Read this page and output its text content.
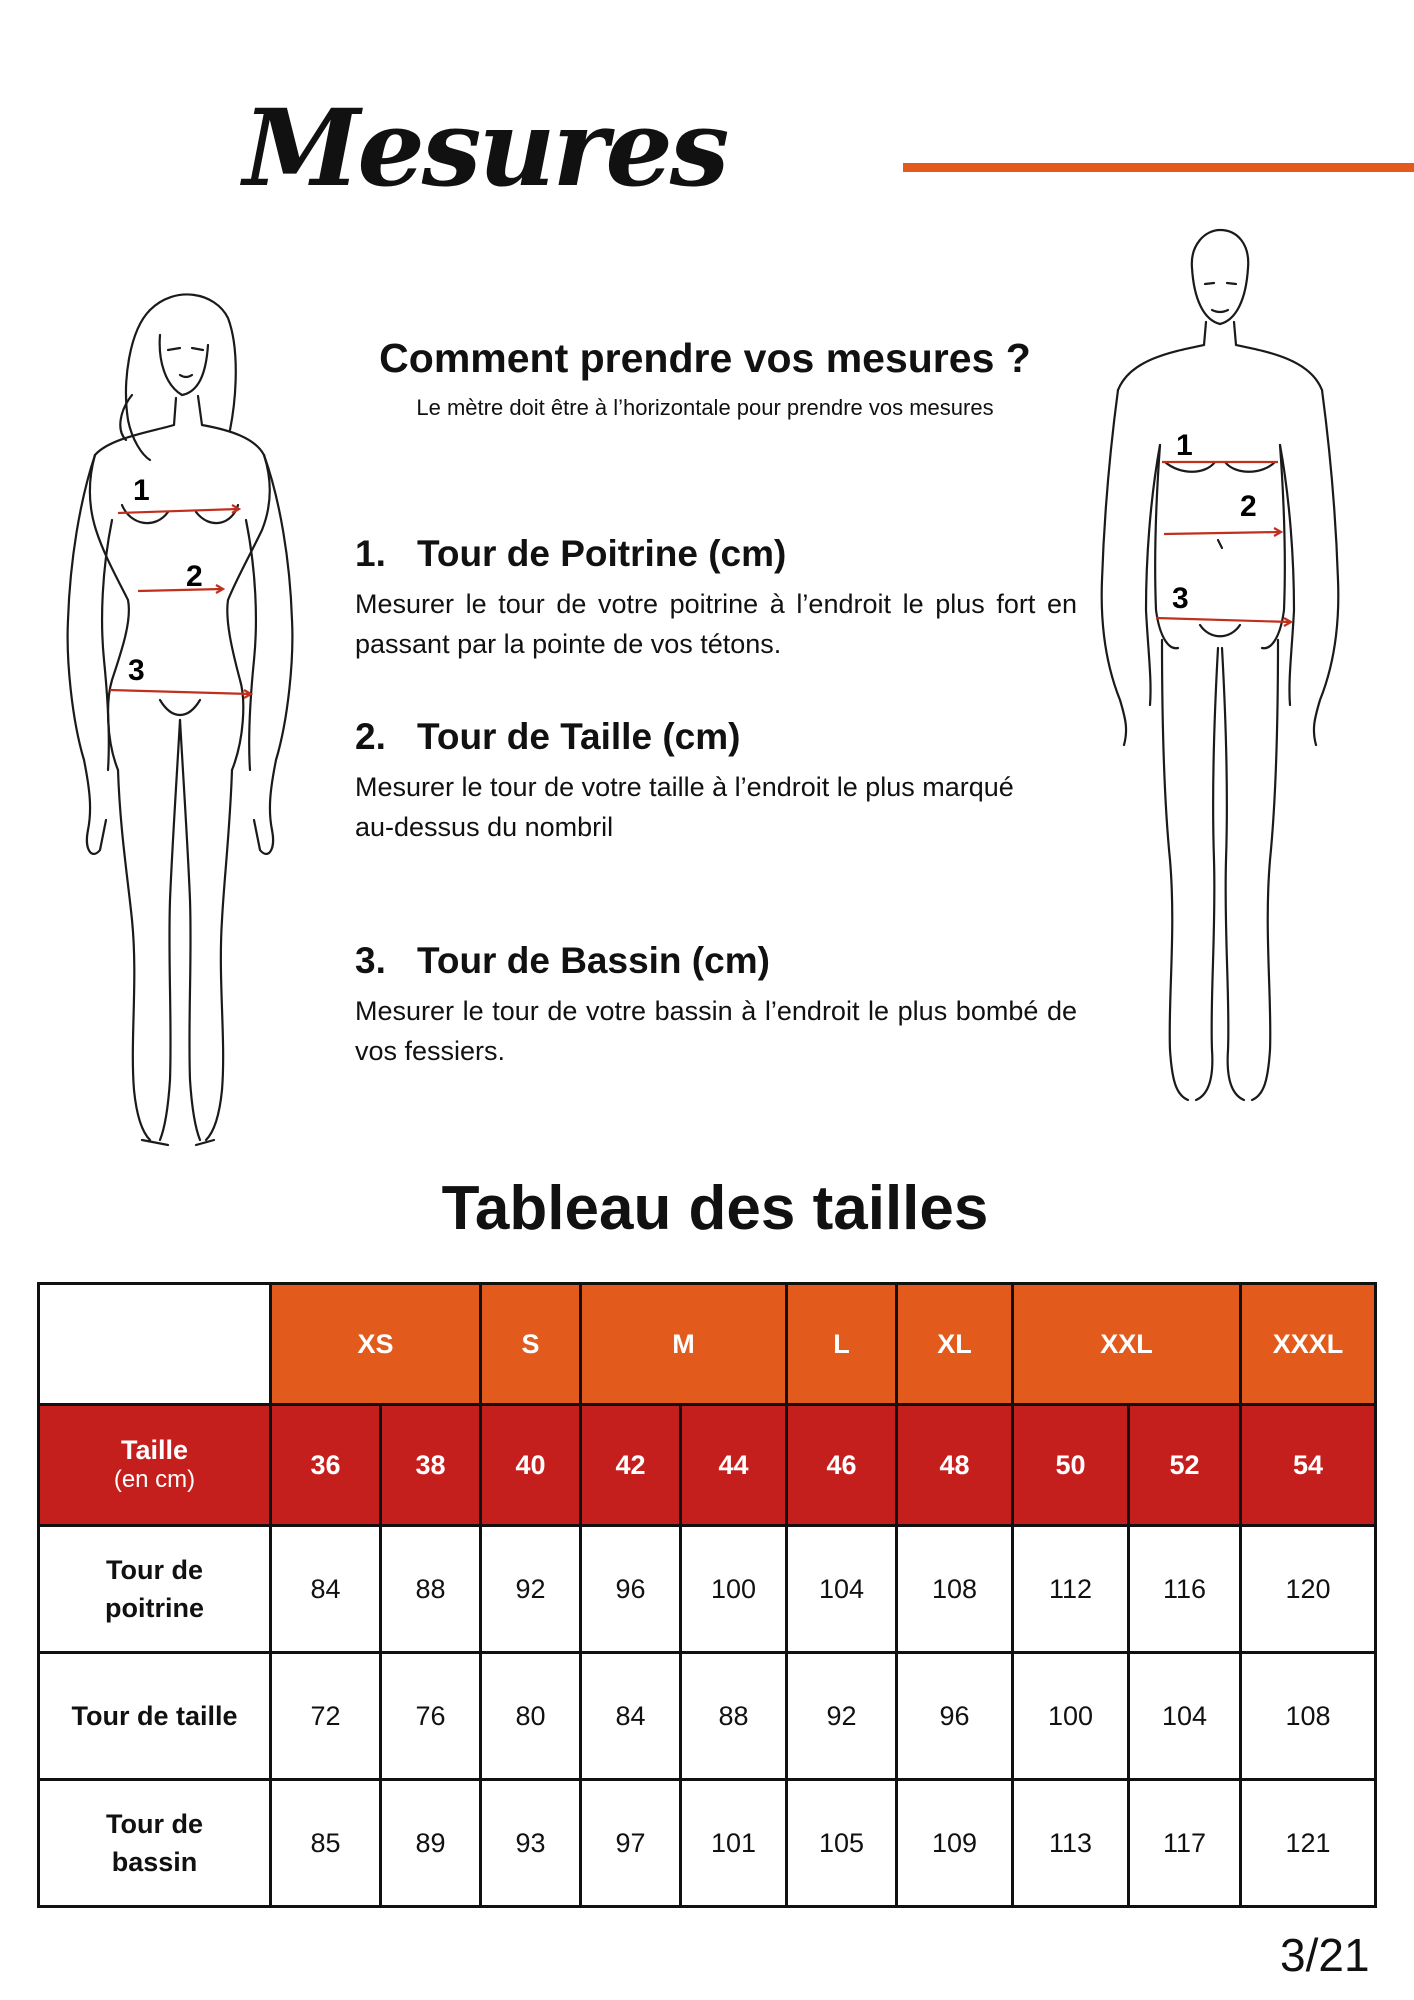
Mesures
1
2
3
1
2
3
Comment prendre vos mesures ?
Le mètre doit être à l’horizontale pour prendre vos mesures
1. Tour de Poitrine (cm)

Mesurer le tour de votre poitrine à l’endroit le plus fort en passant par la pointe de vos tétons.

2. Tour de Taille (cm)

Mesurer le tour de votre taille à l’endroit le plus marqué
au-dessus du nombril

3. Tour de Bassin (cm)

Mesurer le tour de votre bassin à l’endroit le plus bombé de vos fessiers.

Tableau des tailles
	XS		S	M		L	XL	XXL		XXXL
Taille
(en cm)	36	38	40	42	44	46	48	50	52	54
Tour de
poitrine	84	88	92	96	100	104	108	112	116	120
Tour de taille	72	76	80	84	88	92	96	100	104	108
Tour de
bassin	85	89	93	97	101	105	109	113	117	121
3/21
